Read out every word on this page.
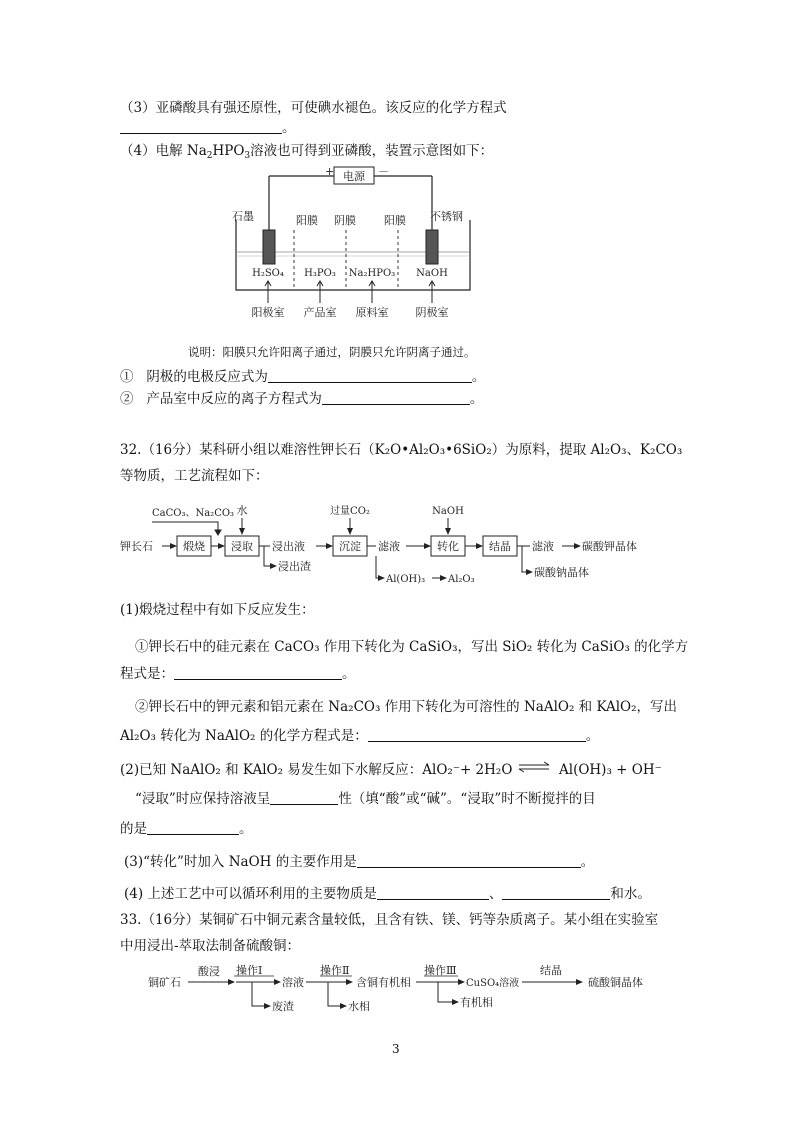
（3）亚磷酸具有强还原性，可使碘水褪色。该反应的化学方程式
。
（4）电解 $Na_2HPO_3$溶液也可得到亚磷酸，装置示意图如下：
电源
+	－
石墨	不锈钢
阳膜 阴膜	阳膜
H₂SO₄ H₃PO₃ Na₂HPO₃ NaOH
阳极室 产品室 原料室 阴极室
说明：阳膜只允许阳离子通过，阴膜只允许阴离子通过。
① 阴极的电极反应式为	。
② 产品室中反应的离子方程式为	。
32.（16分）某科研小组以难溶性钾长石（K₂O•Al₂O₃•6SiO₂）为原料，提取 Al₂O₃、K₂CO₃
等物质，工艺流程如下：
钾长石
CaCO₃、Na₂CO₃
煅烧
水
浸取 浸出液
浸出渣
过量CO₂
沉淀 滤液
Al(OH)₃ Al₂O₃
NaOH
转化	结晶 滤液	碳酸钾晶体
碳酸钠晶体
(1)煅烧过程中有如下反应发生：
①钾长石中的硅元素在 CaCO₃ 作用下转化为 CaSiO₃，写出 SiO₂ 转化为 CaSiO₃ 的化学方
程式是：	。
②钾长石中的钾元素和铝元素在 Na₂CO₃ 作用下转化为可溶性的 NaAlO₂ 和 KAlO₂，写出
Al₂O₃ 转化为 NaAlO₂ 的化学方程式是：	。
(2)已知 NaAlO₂ 和 KAlO₂ 易发生如下水解反应：AlO₂⁻+ 2H₂O ⇌ Al(OH)₃ + OH⁻
“浸取”时应保持溶液呈	性（填“酸”或“碱”。“浸取”时不断搅拌的目
的是	。
(3)“转化”时加入 NaOH 的主要作用是	。
(4) 上述工艺中可以循环利用的主要物质是	、	和水。
33.（16分）某铜矿石中铜元素含量较低，且含有铁、镁、钙等杂质离子。某小组在实验室
中用浸出-萃取法制备硫酸铜：
铜矿石
酸浸 操作Ⅰ
溶液
操作Ⅱ
含铜有机相
操作Ⅲ
CuSO₄溶液
结晶
硫酸铜晶体
废渣	水相	有机相
3
